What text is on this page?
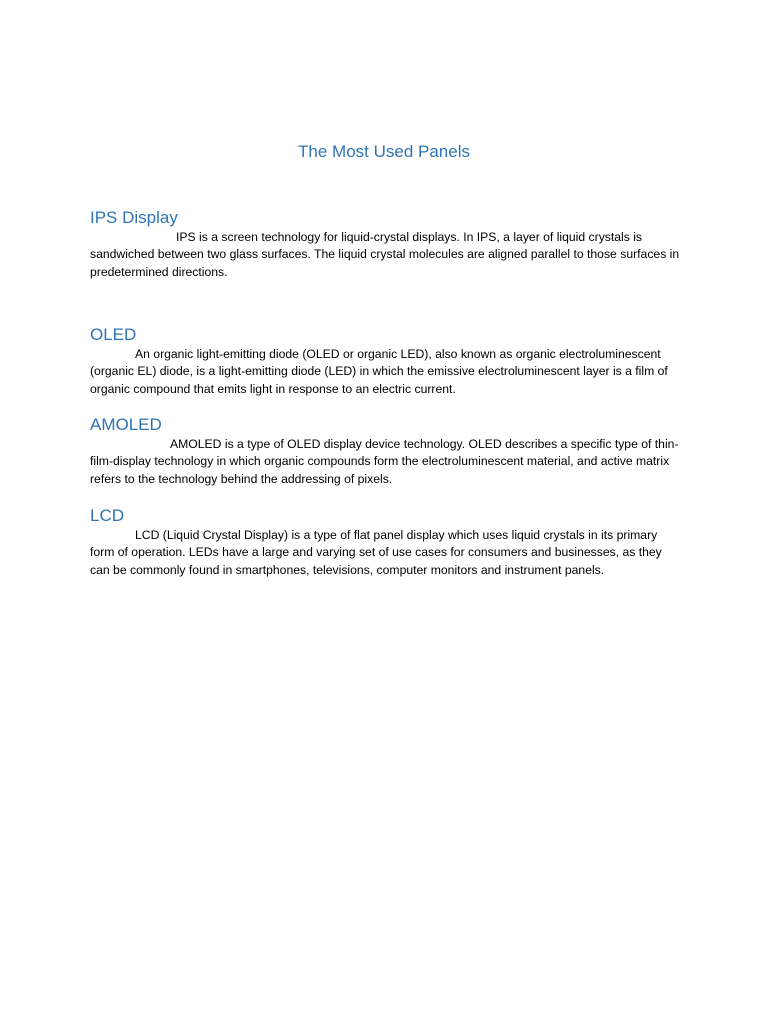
The Most Used Panels
IPS Display

IPS is a screen technology for liquid-crystal displays. In IPS, a layer of liquid crystals is sandwiched between two glass surfaces. The liquid crystal molecules are aligned parallel to those surfaces in predetermined directions.

OLED

An organic light-emitting diode (OLED or organic LED), also known as organic electroluminescent (organic EL) diode, is a light-emitting diode (LED) in which the emissive electroluminescent layer is a film of organic compound that emits light in response to an electric current.

AMOLED

AMOLED is a type of OLED display device technology. OLED describes a specific type of thin-film-display technology in which organic compounds form the electroluminescent material, and active matrix refers to the technology behind the addressing of pixels.

LCD

LCD (Liquid Crystal Display) is a type of flat panel display which uses liquid crystals in its primary form of operation. LEDs have a large and varying set of use cases for consumers and businesses, as they can be commonly found in smartphones, televisions, computer monitors and instrument panels.
